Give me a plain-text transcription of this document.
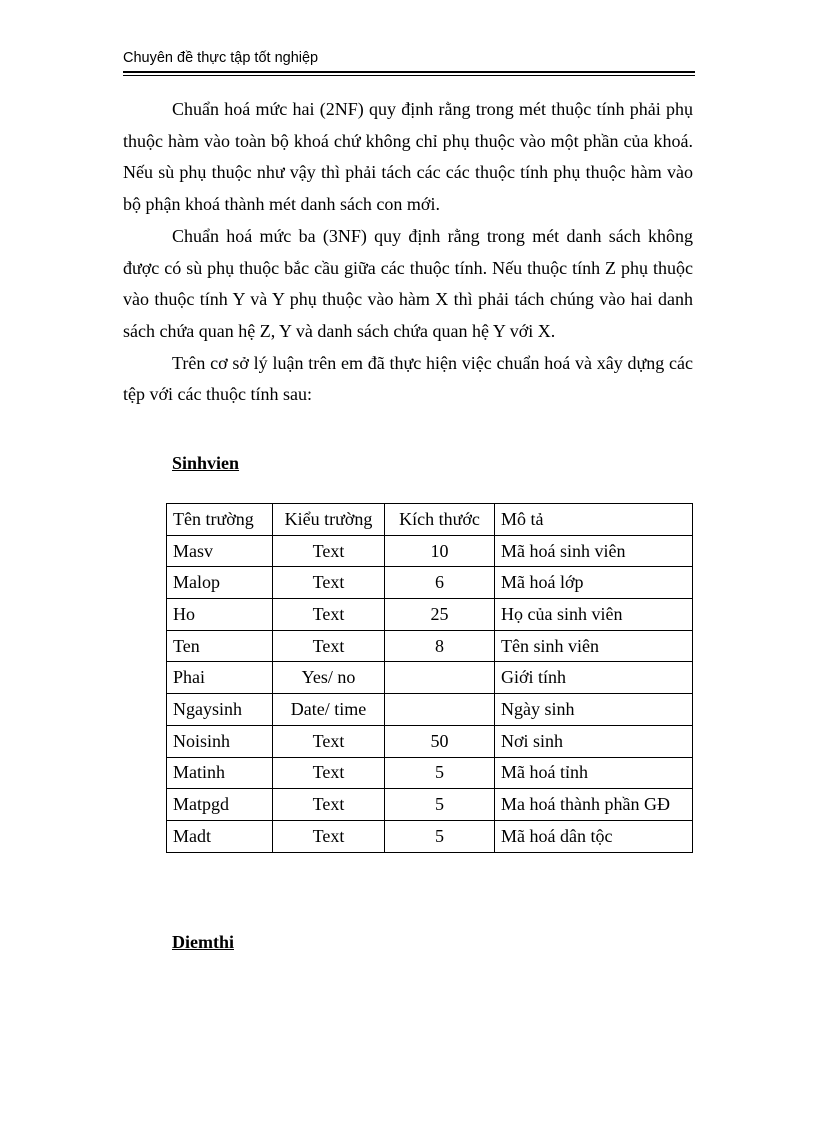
Chuyên đề thực tập tốt nghiệp

Chuẩn hoá mức hai (2NF) quy định rằng trong mét thuộc tính phải phụ thuộc hàm vào toàn bộ khoá chứ không chỉ phụ thuộc vào một phần của khoá. Nếu sù phụ thuộc như vậy thì phải tách các các thuộc tính phụ thuộc hàm vào bộ phận khoá thành mét danh sách con mới.

Chuẩn hoá mức ba (3NF) quy định rằng trong mét danh sách không được có sù phụ thuộc bắc cầu giữa các thuộc tính. Nếu thuộc tính Z phụ thuộc vào thuộc tính Y và Y phụ thuộc vào hàm X thì phải tách chúng vào hai danh sách chứa quan hệ Z, Y và danh sách chứa quan hệ Y với X.

Trên cơ sở lý luận trên em đã thực hiện việc chuẩn hoá và xây dựng các tệp với các thuộc tính sau:

Sinhvien
Tên trường	Kiểu trường	Kích thước	Mô tả
Masv	Text	10	Mã hoá sinh viên
Malop	Text	6	Mã hoá lớp
Ho	Text	25	Họ của sinh viên
Ten	Text	8	Tên sinh viên
Phai	Yes/ no		Giới tính
Ngaysinh	Date/ time		Ngày sinh
Noisinh	Text	50	Nơi sinh
Matinh	Text	5	Mã hoá tỉnh
Matpgd	Text	5	Ma hoá thành phần GĐ
Madt	Text	5	Mã hoá dân tộc
Diemthi
